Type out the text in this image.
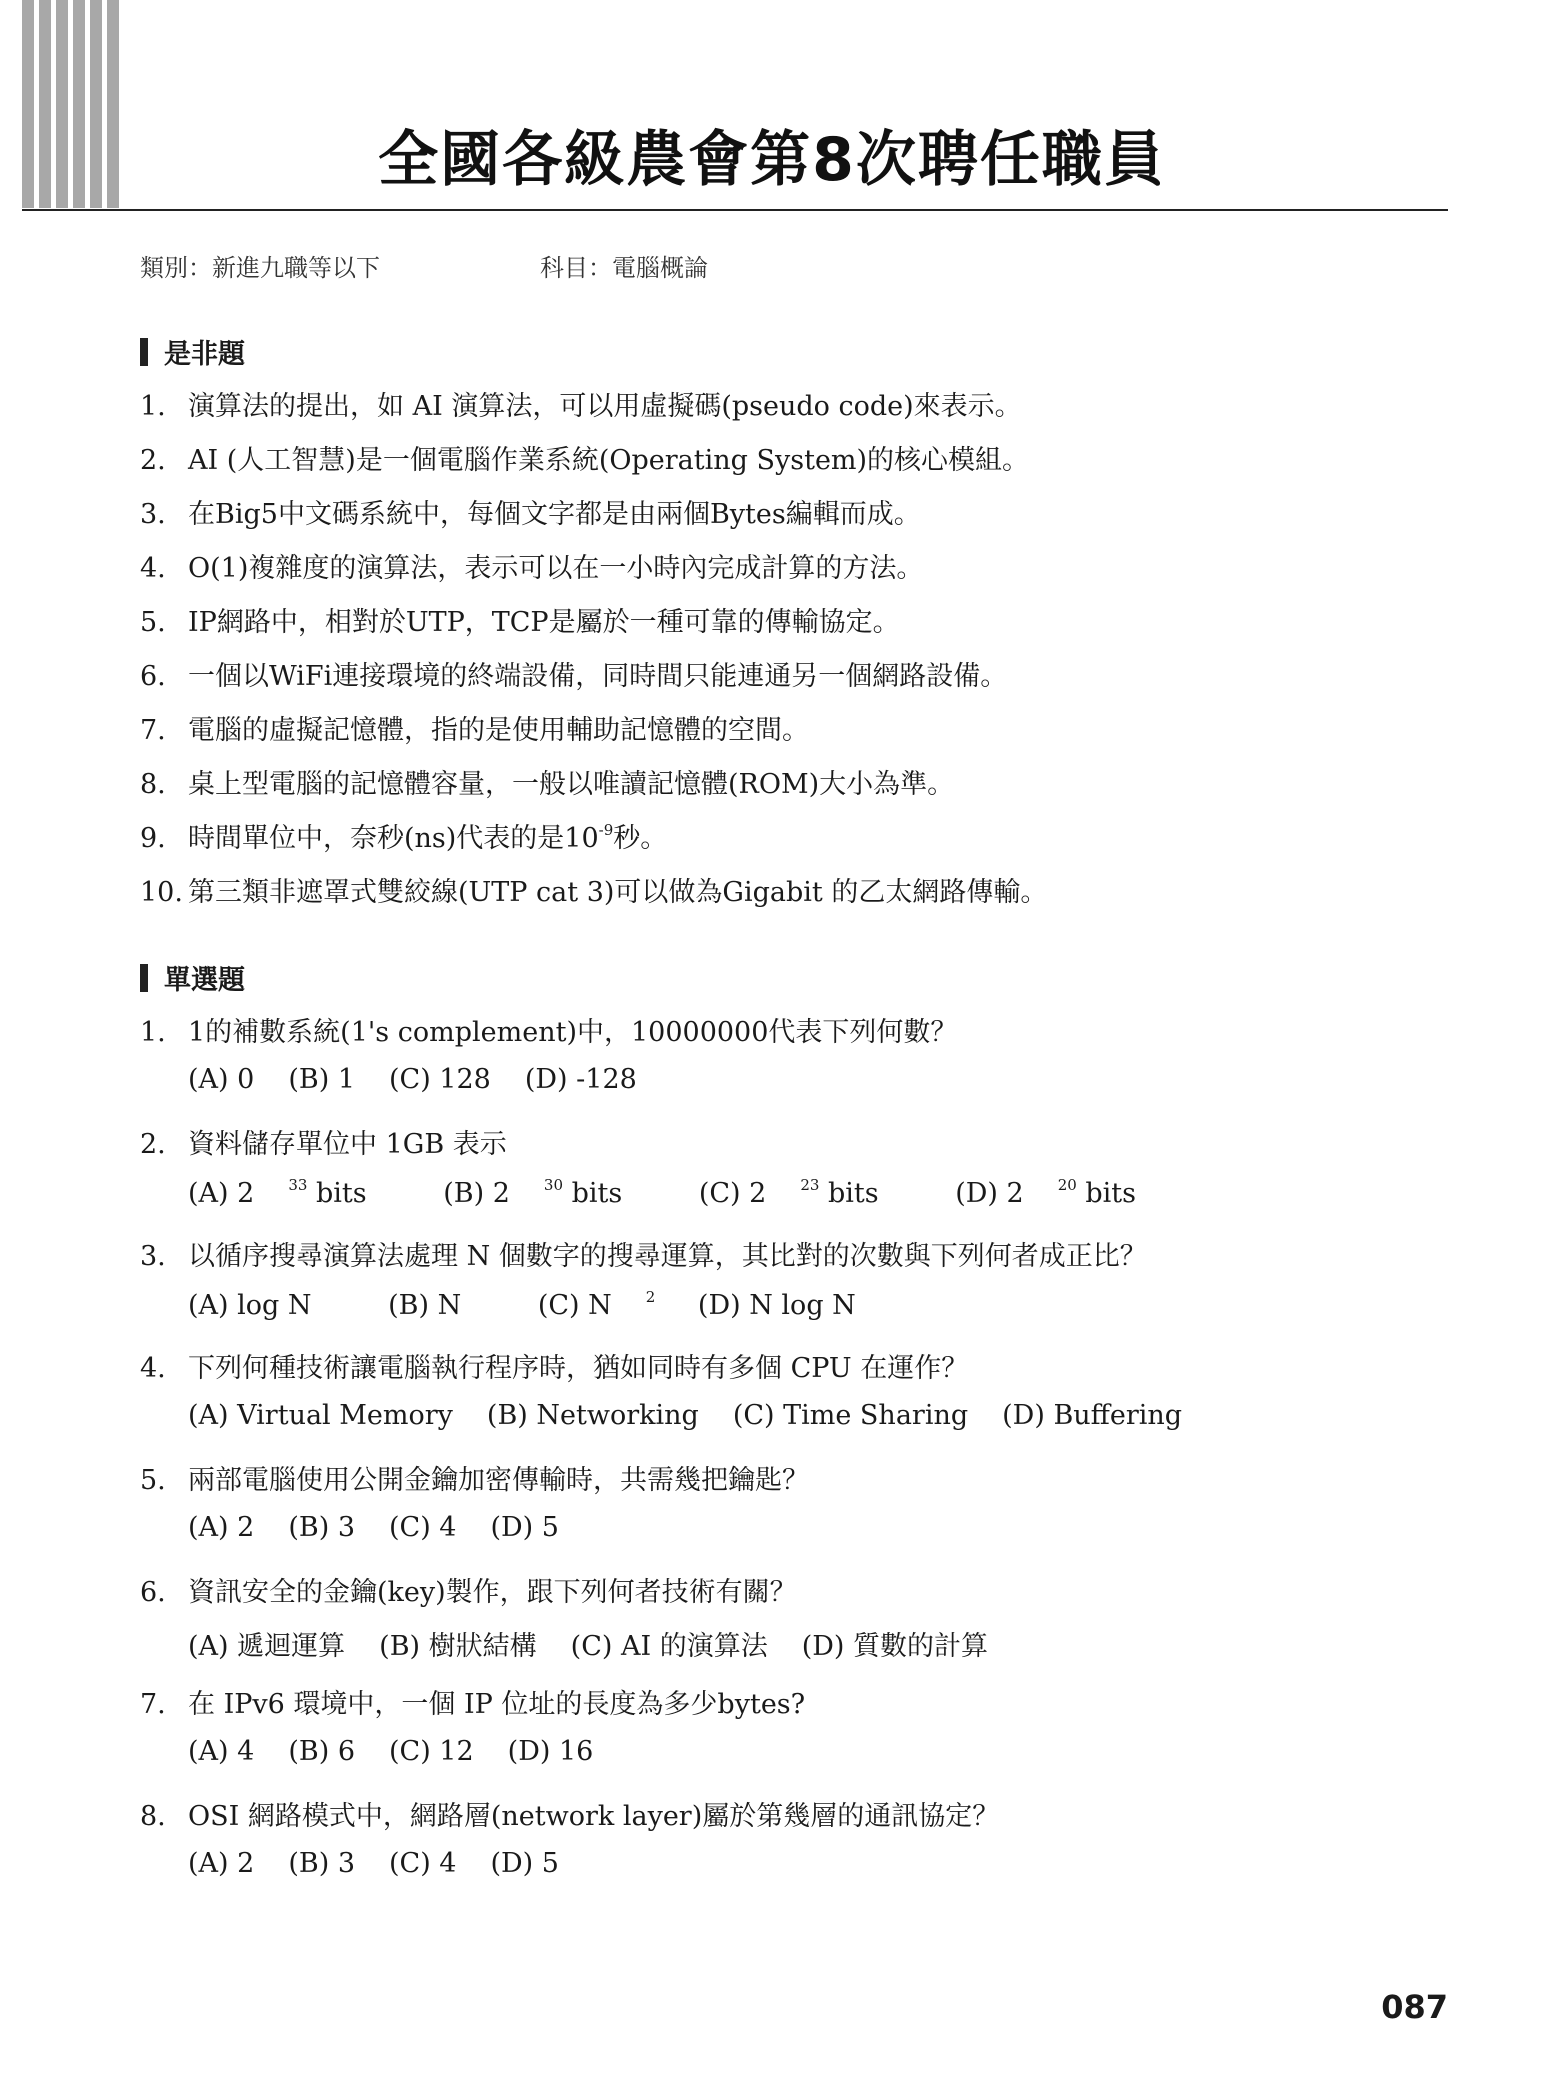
全國各級農會第8次聘任職員
類別：新進九職等以下	科目：電腦概論
是非題
1. 演算法的提出，如 AI 演算法，可以用虛擬碼(pseudo code)來表示。
2. AI (人工智慧)是一個電腦作業系統(Operating System)的核心模組。
3. 在Big5中文碼系統中，每個文字都是由兩個Bytes編輯而成。
4. O(1)複雜度的演算法，表示可以在一小時內完成計算的方法。
5. IP網路中，相對於UTP，TCP是屬於一種可靠的傳輸協定。
6. 一個以WiFi連接環境的終端設備，同時間只能連通另一個網路設備。
7. 電腦的虛擬記憶體，指的是使用輔助記憶體的空間。
8. 桌上型電腦的記憶體容量，一般以唯讀記憶體(ROM)大小為準。
9. 時間單位中，奈秒(ns)代表的是$10^{-9}$秒。
10. 第三類非遮罩式雙絞線(UTP cat 3)可以做為Gigabit 的乙太網路傳輸。
單選題
1. 1的補數系統(1's complement)中，10000000代表下列何數？
(A) 0 (B) 1 (C) 128 (D) -128
2. 資料儲存單位中 1GB 表示
(A) 2 $^{33}$ bits	(B) 2 $^{30}$ bits	(C) 2 $^{23}$ bits	(D) 2 $^{20}$ bits
3. 以循序搜尋演算法處理 N 個數字的搜尋運算，其比對的次數與下列何者成正比？
(A) log N	(B) N	(C) N $^2$ (D) N log N
4. 下列何種技術讓電腦執行程序時，猶如同時有多個 CPU 在運作？
(A) Virtual Memory (B) Networking (C) Time Sharing (D) Buffering
5. 兩部電腦使用公開金鑰加密傳輸時，共需幾把鑰匙？
(A) 2 (B) 3 (C) 4 (D) 5
6. 資訊安全的金鑰(key)製作，跟下列何者技術有關？
(A) 遞迴運算 (B) 樹狀結構 (C) AI 的演算法 (D) 質數的計算
7. 在 IPv6 環境中，一個 IP 位址的長度為多少bytes?
(A) 4 (B) 6 (C) 12 (D) 16
8. OSI 網路模式中，網路層(network layer)屬於第幾層的通訊協定？
(A) 2 (B) 3 (C) 4 (D) 5
087
